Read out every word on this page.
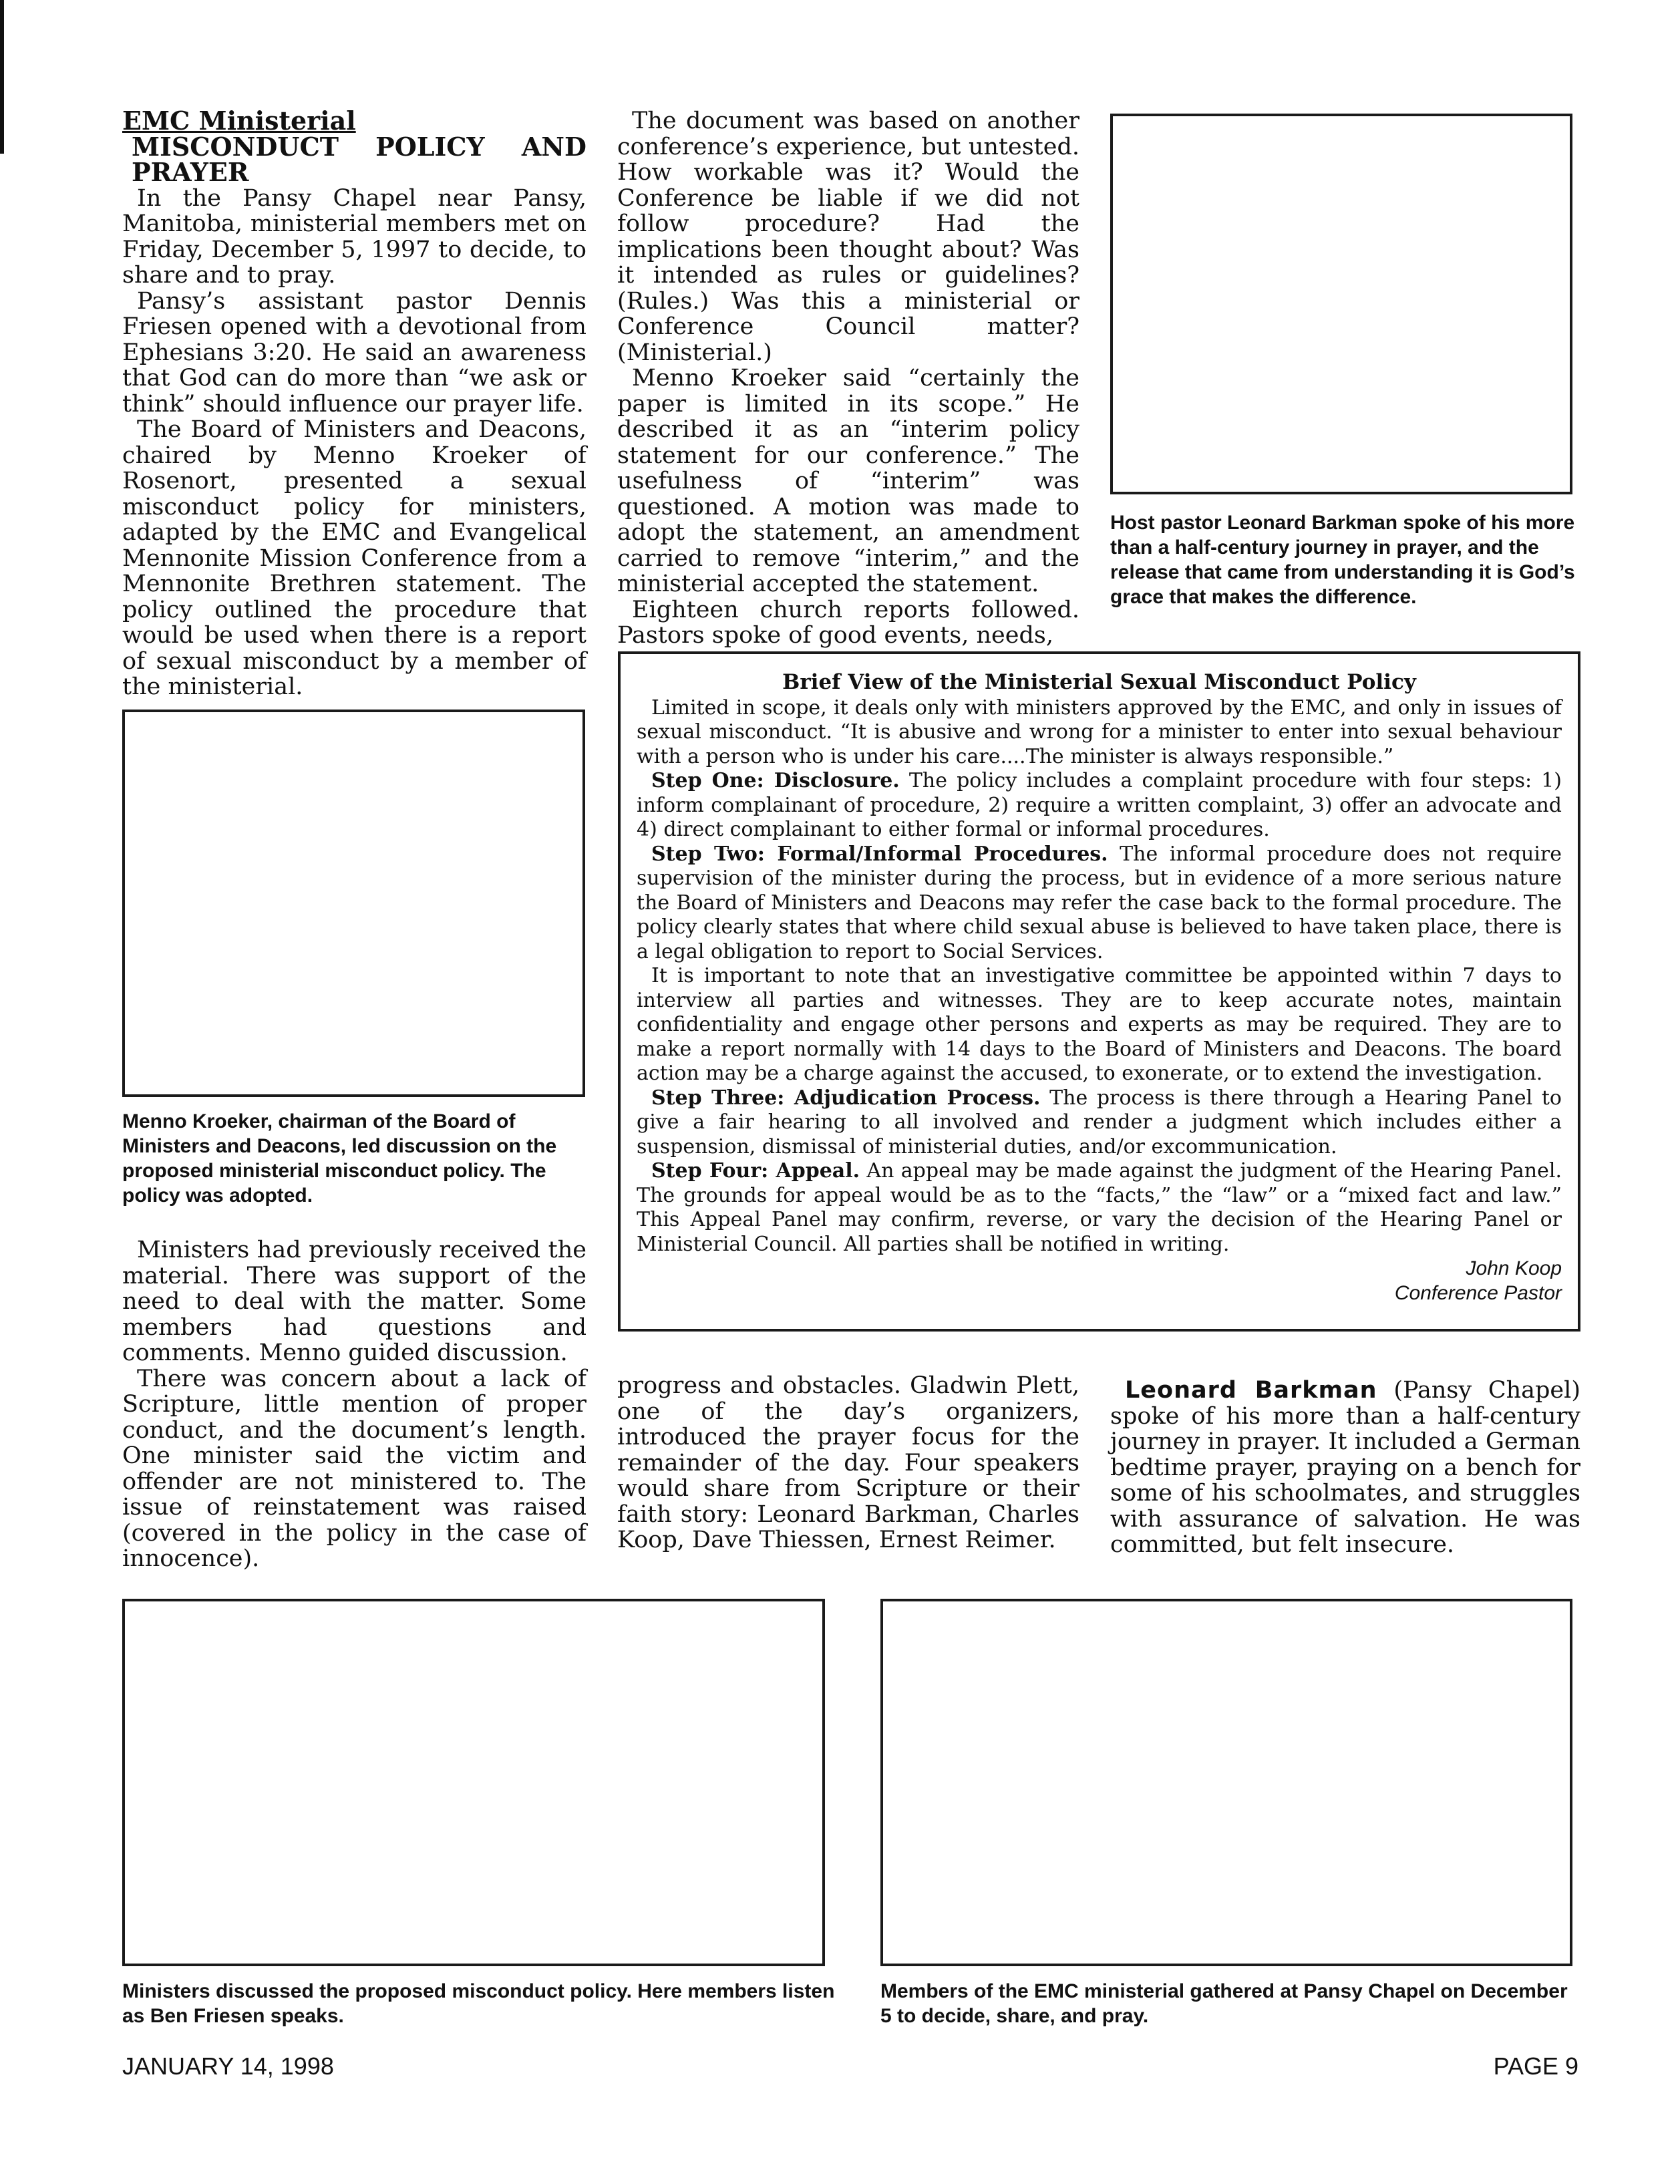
EMC Ministerial
MISCONDUCT POLICY AND PRAYER

In the Pansy Chapel near Pansy, Manitoba, ministerial members met on Friday, December 5, 1997 to decide, to share and to pray.

Pansy’s assistant pastor Dennis Friesen opened with a devotional from Ephesians 3:20. He said an awareness that God can do more than “we ask or think” should influence our prayer life.

The Board of Ministers and Deacons, chaired by Menno Kroeker of Rosenort, presented a sexual misconduct policy for ministers, adapted by the EMC and Evangelical Mennonite Mission Conference from a Mennonite Brethren statement. The policy outlined the procedure that would be used when there is a report of sexual misconduct by a member of the ministerial.

Menno Kroeker, chairman of the Board of Ministers and Deacons, led discussion on the proposed ministerial misconduct policy. The policy was adopted.

Ministers had previously received the material. There was support of the need to deal with the matter. Some members had questions and comments. Menno guided discussion.

There was concern about a lack of Scripture, little mention of proper conduct, and the document’s length. One minister said the victim and offender are not ministered to. The issue of reinstatement was raised (covered in the policy in the case of innocence).

The document was based on another conference’s experience, but untested. How workable was it? Would the Conference be liable if we did not follow procedure? Had the implications been thought about? Was it intended as rules or guidelines? (Rules.) Was this a ministerial or Conference Council matter? (Ministerial.)

Menno Kroeker said “certainly the paper is limited in its scope.” He described it as an “interim policy statement for our conference.” The usefulness of “interim” was questioned. A motion was made to adopt the statement, an amendment carried to remove “interim,” and the ministerial accepted the statement.

Eighteen church reports followed. Pastors spoke of good events, needs,

Host pastor Leonard Barkman spoke of his more than a half-century journey in prayer, and the release that came from understanding it is God’s grace that makes the difference.
Brief View of the Ministerial Sexual Misconduct Policy

Limited in scope, it deals only with ministers approved by the EMC, and only in issues of sexual misconduct. “It is abusive and wrong for a minister to enter into sexual behaviour with a person who is under his care....The minister is always responsible.”

Step One: Disclosure. The policy includes a complaint procedure with four steps: 1) inform complainant of procedure, 2) require a written complaint, 3) offer an advocate and 4) direct complainant to either formal or informal procedures.

Step Two: Formal/Informal Procedures. The informal procedure does not require supervision of the minister during the process, but in evidence of a more serious nature the Board of Ministers and Deacons may refer the case back to the formal procedure. The policy clearly states that where child sexual abuse is believed to have taken place, there is a legal obligation to report to Social Services.

It is important to note that an investigative committee be appointed within 7 days to interview all parties and witnesses. They are to keep accurate notes, maintain confidentiality and engage other persons and experts as may be required. They are to make a report normally with 14 days to the Board of Ministers and Deacons. The board action may be a charge against the accused, to exonerate, or to extend the investigation.

Step Three: Adjudication Process. The process is there through a Hearing Panel to give a fair hearing to all involved and render a judgment which includes either a suspension, dismissal of ministerial duties, and/or excommunication.

Step Four: Appeal. An appeal may be made against the judgment of the Hearing Panel. The grounds for appeal would be as to the “facts,” the “law” or a “mixed fact and law.” This Appeal Panel may confirm, reverse, or vary the decision of the Hearing Panel or Ministerial Council. All parties shall be notified in writing.

John Koop

Conference Pastor

progress and obstacles. Gladwin Plett, one of the day’s organizers, introduced the prayer focus for the remainder of the day. Four speakers would share from Scripture or their faith story: Leonard Barkman, Charles Koop, Dave Thiessen, Ernest Reimer.

Leonard Barkman (Pansy Chapel) spoke of his more than a half-century journey in prayer. It included a German bedtime prayer, praying on a bench for some of his schoolmates, and struggles with assurance of salvation. He was committed, but felt insecure.

Ministers discussed the proposed misconduct policy. Here members listen as Ben Friesen speaks.
Members of the EMC ministerial gathered at Pansy Chapel on December 5 to decide, share, and pray.
JANUARY 14, 1998	PAGE 9
